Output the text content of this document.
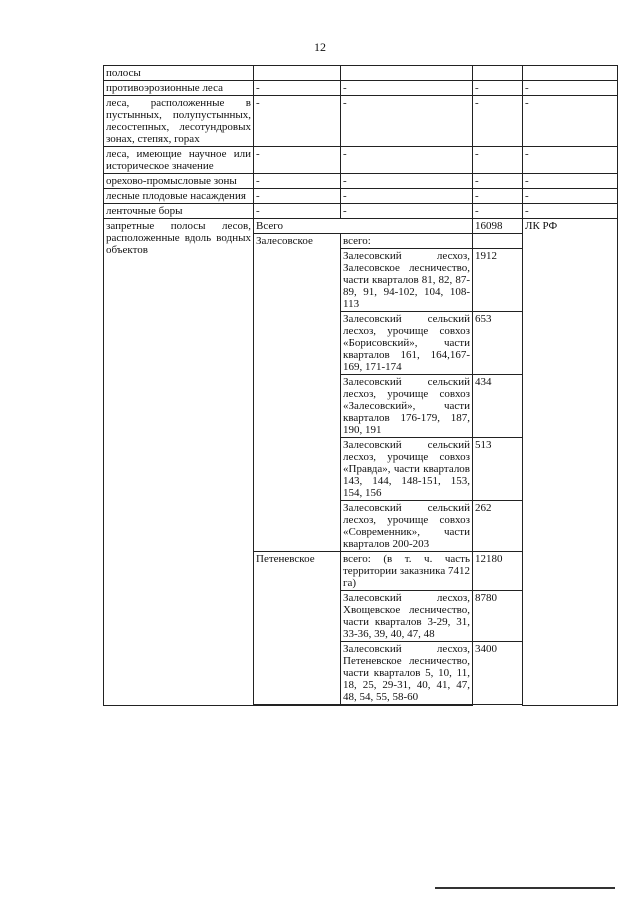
12
полосы				
противоэрозионные леса	-	-	-	-
леса, расположенные в пустынных, полупустынных, лесостепных, лесотундровых зонах, степях, горах	-	-	-	-
леса, имеющие научное или историческое значение	-	-	-	-
орехово-промысловые зоны	-	-	-	-
лесные плодовые насаждения	-	-	-	-
ленточные боры	-	-	-	-
запретные полосы лесов, расположенные вдоль водных объектов	Всего		16098	ЛК РФ
	Залесовское	всего:		
		Залесовский лесхоз, Залесовское лесничество, части кварталов 81, 82, 87-89, 91, 94-102, 104, 108-113	1912	
		Залесовский сельский лесхоз, урочище совхоз «Борисовский», части кварталов 161, 164,167-169, 171-174	653	
		Залесовский сельский лесхоз, урочище совхоз «Залесовский», части кварталов 176-179, 187, 190, 191	434	
		Залесовский сельский лесхоз, урочище совхоз «Правда», части кварталов 143, 144, 148-151, 153, 154, 156	513	
		Залесовский сельский лесхоз, урочище совхоз «Современник», части кварталов 200-203	262	
	Петеневское	всего: (в т. ч. часть территории заказника 7412 га)	12180	
		Залесовский лесхоз, Хвощевское лесничество, части кварталов 3-29, 31, 33-36, 39, 40, 47, 48	8780	
		Залесовский лесхоз, Петеневское лесничество, части кварталов 5, 10, 11, 18, 25, 29-31, 40, 41, 47, 48, 54, 55, 58-60	3400	
